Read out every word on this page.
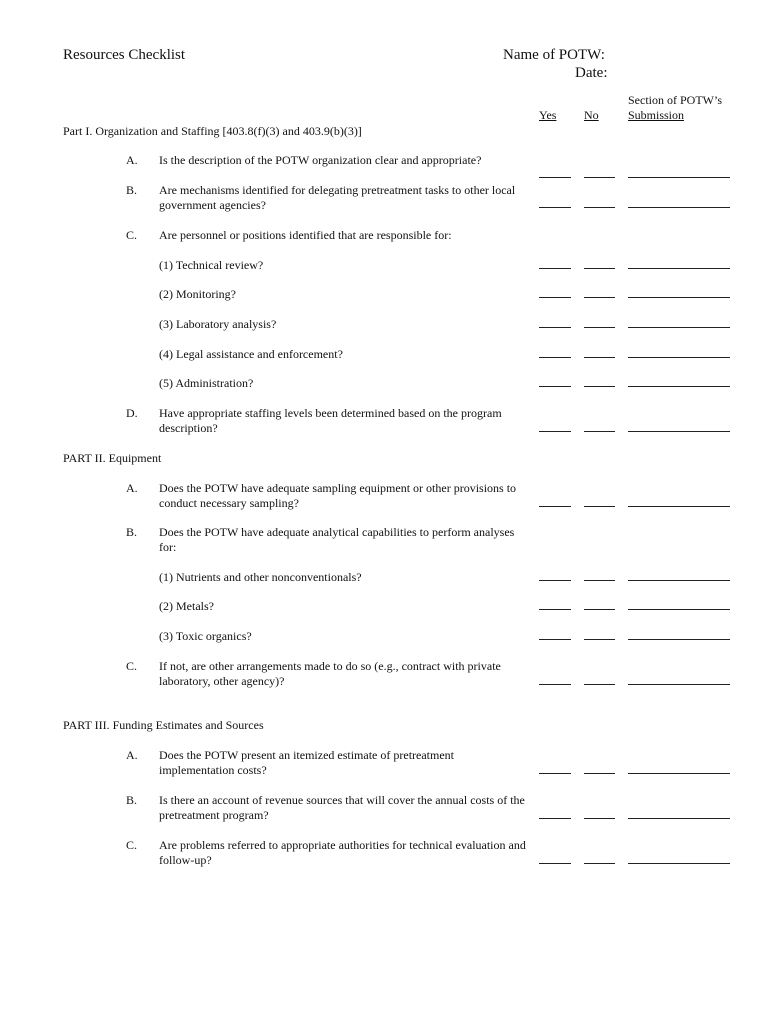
Resources Checklist	Name of POTW:
Date:
Yes No
Section of POTW’s
Submission
Part I. Organization and Staffing [403.8(f)(3) and 403.9(b)(3)]
A. Is the description of the POTW organization clear and appropriate?
B. Are mechanisms identified for delegating pretreatment tasks to other local government agencies?
C. Are personnel or positions identified that are responsible for:
(1) Technical review?
(2) Monitoring?
(3) Laboratory analysis?
(4) Legal assistance and enforcement?
(5) Administration?
D. Have appropriate staffing levels been determined based on the program description?
PART II. Equipment
A. Does the POTW have adequate sampling equipment or other provisions to conduct necessary sampling?
B. Does the POTW have adequate analytical capabilities to perform analyses for:
(1) Nutrients and other nonconventionals?
(2) Metals?
(3) Toxic organics?
C. If not, are other arrangements made to do so (e.g., contract with private laboratory, other agency)?
PART III. Funding Estimates and Sources
A. Does the POTW present an itemized estimate of pretreatment implementation costs?
B. Is there an account of revenue sources that will cover the annual costs of the pretreatment program?
C. Are problems referred to appropriate authorities for technical evaluation and follow-up?
